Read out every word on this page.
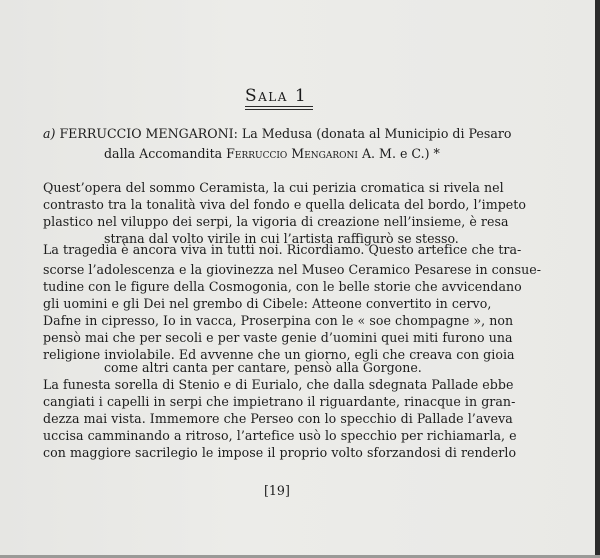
Sala 1
a) FERRUCCIO MENGARONI: La Medusa (donata al Municipio di Pesaro
dalla Accomandita Ferruccio Mengaroni A. M. e C.) *
Quest’opera del sommo Ceramista, la cui perizia cromatica si rivela nel
contrasto tra la tonalità viva del fondo e quella delicata del bordo, l’impeto
plastico nel viluppo dei serpi, la vigoria di creazione nell’insieme, è resa
strana dal volto virile in cui l’artista raffigurò se stesso.
La tragedia è ancora viva in tutti noi. Ricordiamo. Questo artefice che tra-
scorse l’adolescenza e la giovinezza nel Museo Ceramico Pesarese in consue-
tudine con le figure della Cosmogonia, con le belle storie che avvicendano
gli uomini e gli Dei nel grembo di Cibele: Atteone convertito in cervo,
Dafne in cipresso, Io in vacca, Proserpina con le « soe chompagne », non
pensò mai che per secoli e per vaste genie d’uomini quei miti furono una
religione inviolabile. Ed avvenne che un giorno, egli che creava con gioia
come altri canta per cantare, pensò alla Gorgone.
La funesta sorella di Stenio e di Eurialo, che dalla sdegnata Pallade ebbe
cangiati i capelli in serpi che impietrano il riguardante, rinacque in gran-
dezza mai vista. Immemore che Perseo con lo specchio di Pallade l’aveva
uccisa camminando a ritroso, l’artefice usò lo specchio per richiamarla, e
con maggiore sacrilegio le impose il proprio volto sforzandosi di renderlo
[19]
